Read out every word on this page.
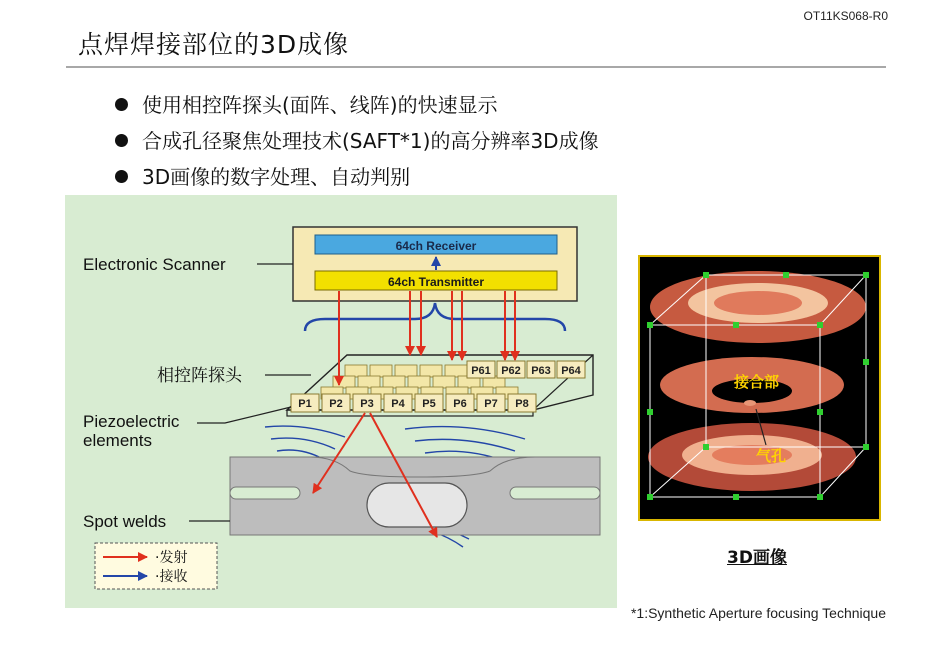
OT11KS068-R0
点焊焊接部位的3D成像
使用相控阵探头(面阵、线阵)的快速显示
合成孔径聚焦处理技术(SAFT*1)的高分辨率3D成像
3D画像的数字处理、自动判别
64ch Receiver
64ch Transmitter
Electronic Scanner
P61 P62 P63 P64
P1 P2 P3 P4 P5 P6 P7 P8
相控阵探头
Piezoelectric
elements
Spot welds
·发射
·接收
接合部
气孔
3D画像
*1:Synthetic Aperture focusing Technique
